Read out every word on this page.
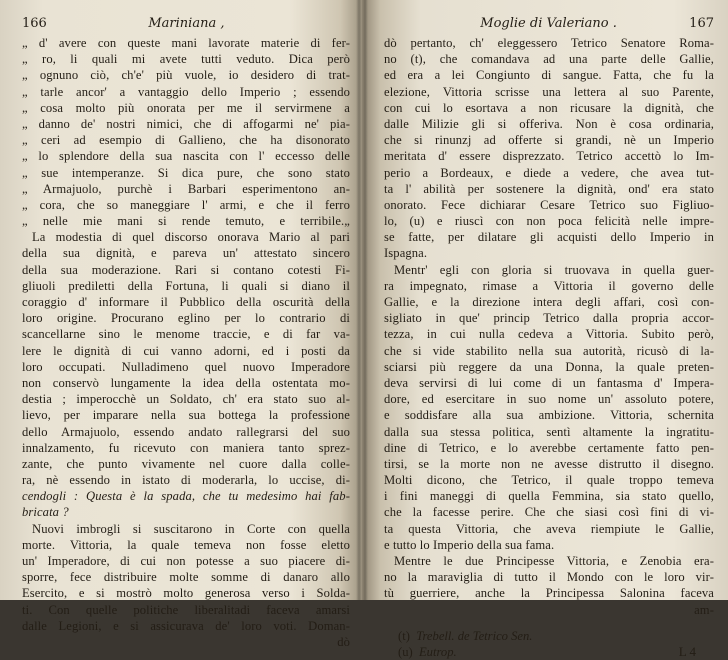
166	Mariniana ,
„ d' avere con queste mani lavorate materie di fer-
„ ro, li quali mi avete tutti veduto. Dica però
„ ognuno ciò, ch'e' più vuole, io desidero di trat-
„ tarle ancor' a vantaggio dello Imperio ; essendo
„ cosa molto più onorata per me il servirmene a
„ danno de' nostri nimici, che di affogarmi ne' pia-
„ ceri ad esempio di Gallieno, che ha disonorato
„ lo splendore della sua nascita con l' eccesso delle
„ sue intemperanze. Si dica pure, che sono stato
„ Armajuolo, purchè i Barbari esperimentono an-
„ cora, che so maneggiare l' armi, e che il ferro
„ nelle mie mani si rende temuto, e terribile.„
La modestia di quel discorso onorava Mario al pari
della sua dignità, e pareva un' attestato sincero
della sua moderazione. Rari si contano cotesti Fi-
gliuoli prediletti della Fortuna, li quali si diano il
coraggio d' informare il Pubblico della oscurità della
loro origine. Procurano eglino per lo contrario di
scancellarne sino le menome traccie, e di far va-
lere le dignità di cui vanno adorni, ed i posti da
loro occupati. Nulladimeno quel nuovo Imperadore
non conservò lungamente la idea della ostentata mo-
destia ; imperocchè un Soldato, ch' era stato suo al-
lievo, per imparare nella sua bottega la professione
dello Armajuolo, essendo andato rallegrarsi del suo
innalzamento, fu ricevuto con maniera tanto sprez-
zante, che punto vivamente nel cuore dalla colle-
ra, nè essendo in istato di moderarla, lo uccise, di-
cendogli : Questa è la spada, che tu medesimo hai fab-
bricata ?
Nuovi imbrogli si suscitarono in Corte con quella
morte. Vittoria, la quale temeva non fosse eletto
un' Imperadore, di cui non potesse a suo piacere di-
sporre, fece distribuire molte somme di danaro allo
Esercito, e si mostrò molto generosa verso i Solda-
ti. Con quelle politiche liberalitadi faceva amarsi
dalle Legioni, e si assicurava de' loro voti. Doman-
dò
Moglie di Valeriano .	167
dò pertanto, ch' eleggessero Tetrico Senatore Roma-
no (t), che comandava ad una parte delle Gallie,
ed era a lei Congiunto di sangue. Fatta, che fu la
elezione, Vittoria scrisse una lettera al suo Parente,
con cui lo esortava a non ricusare la dignità, che
dalle Milizie gli si offeriva. Non è cosa ordinaria,
che si rinunzj ad offerte si grandi, nè un Imperio
meritata d' essere disprezzato. Tetrico accettò lo Im-
perio a Bordeaux, e diede a vedere, che avea tut-
ta l' abilità per sostenere la dignità, ond' era stato
onorato. Fece dichiarar Cesare Tetrico suo Figliuo-
lo, (u) e riuscì con non poca felicità nelle impre-
se fatte, per dilatare gli acquisti dello Imperio in
Ispagna.
Mentr' egli con gloria si truovava in quella guer-
ra impegnato, rimase a Vittoria il governo delle
Gallie, e la direzione intera degli affari, così con-
sigliato in que' princip Tetrico dalla propria accor-
tezza, in cui nulla cedeva a Vittoria. Subito però,
che si vide stabilito nella sua autorità, ricusò di la-
sciarsi più reggere da una Donna, la quale preten-
deva servirsi di lui come di un fantasma d' Impera-
dore, ed esercitare in suo nome un' assoluto potere,
e soddisfare alla sua ambizione. Vittoria, schernita
dalla sua stessa politica, sentì altamente la ingratitu-
dine di Tetrico, e lo averebbe certamente fatto pen-
tirsi, se la morte non ne avesse distrutto il disegno.
Molti dicono, che Tetrico, il quale troppo temeva
i fini maneggi di quella Femmina, sia stato quello,
che la facesse perire. Che che siasi così fini di vi-
ta questa Vittoria, che aveva riempiute le Gallie,
e tutto lo Imperio della sua fama.
Mentre le due Principesse Vittoria, e Zenobia era-
no la maraviglia di tutto il Mondo con le loro vir-
tù guerriere, anche la Principessa Salonina faceva
am-
(t) Trebell. de Tetrico Sen.
(u) Eutrop.	L 4
